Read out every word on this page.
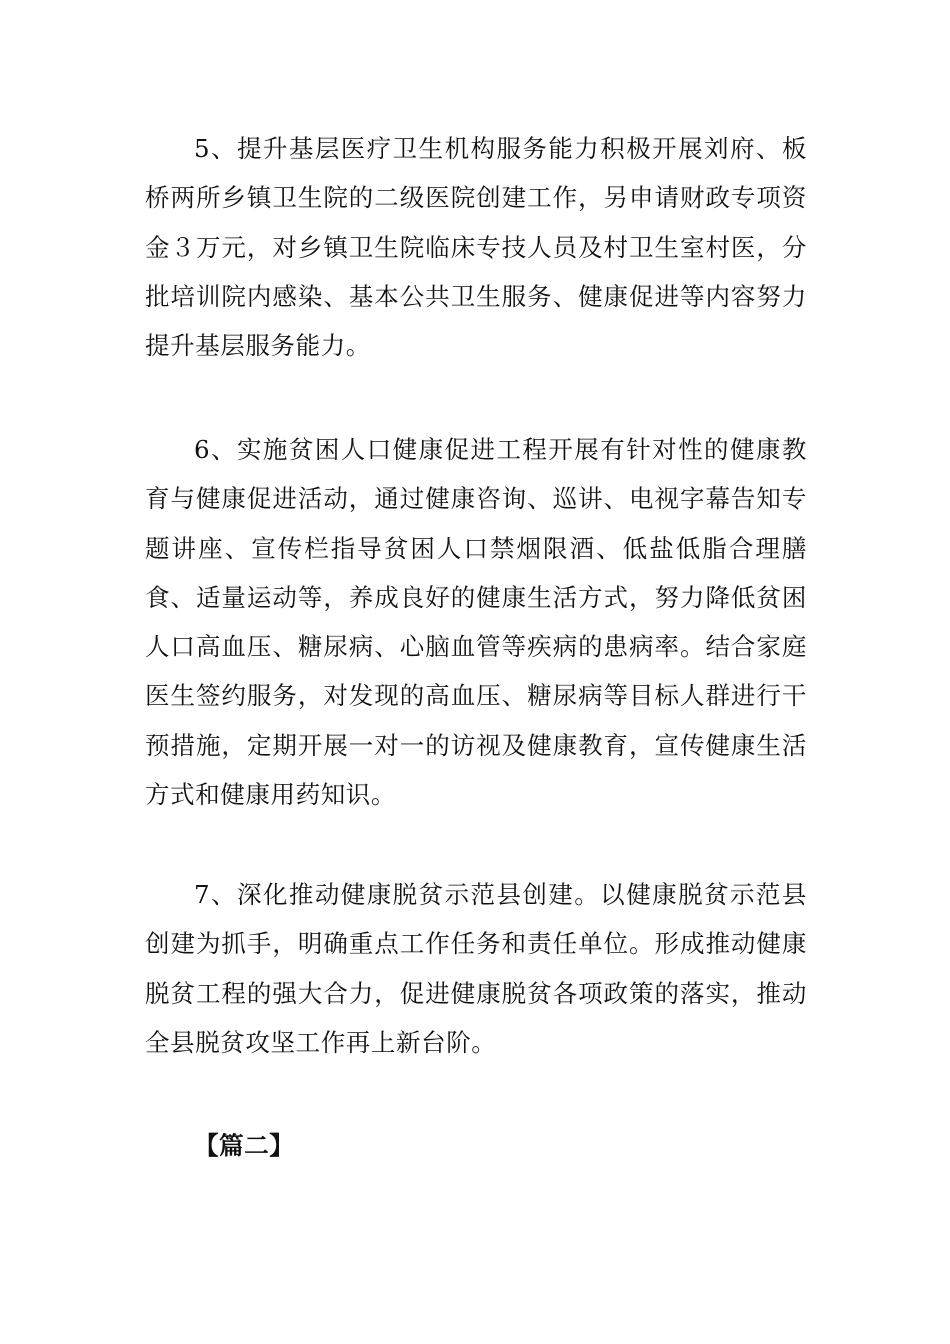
5、提升基层医疗卫生机构服务能力积极开展刘府、板桥两所乡镇卫生院的二级医院创建工作，另申请财政专项资金３万元，对乡镇卫生院临床专技人员及村卫生室村医，分批培训院内感染、基本公共卫生服务、健康促进等内容努力提升基层服务能力。

6、实施贫困人口健康促进工程开展有针对性的健康教育与健康促进活动，通过健康咨询、巡讲、电视字幕告知专题讲座、宣传栏指导贫困人口禁烟限酒、低盐低脂合理膳食、适量运动等，养成良好的健康生活方式，努力降低贫困人口高血压、糖尿病、心脑血管等疾病的患病率。结合家庭医生签约服务，对发现的高血压、糖尿病等目标人群进行干预措施，定期开展一对一的访视及健康教育，宣传健康生活方式和健康用药知识。

7、深化推动健康脱贫示范县创建。以健康脱贫示范县创建为抓手，明确重点工作任务和责任单位。形成推动健康脱贫工程的强大合力，促进健康脱贫各项政策的落实，推动全县脱贫攻坚工作再上新台阶。

【篇二】
